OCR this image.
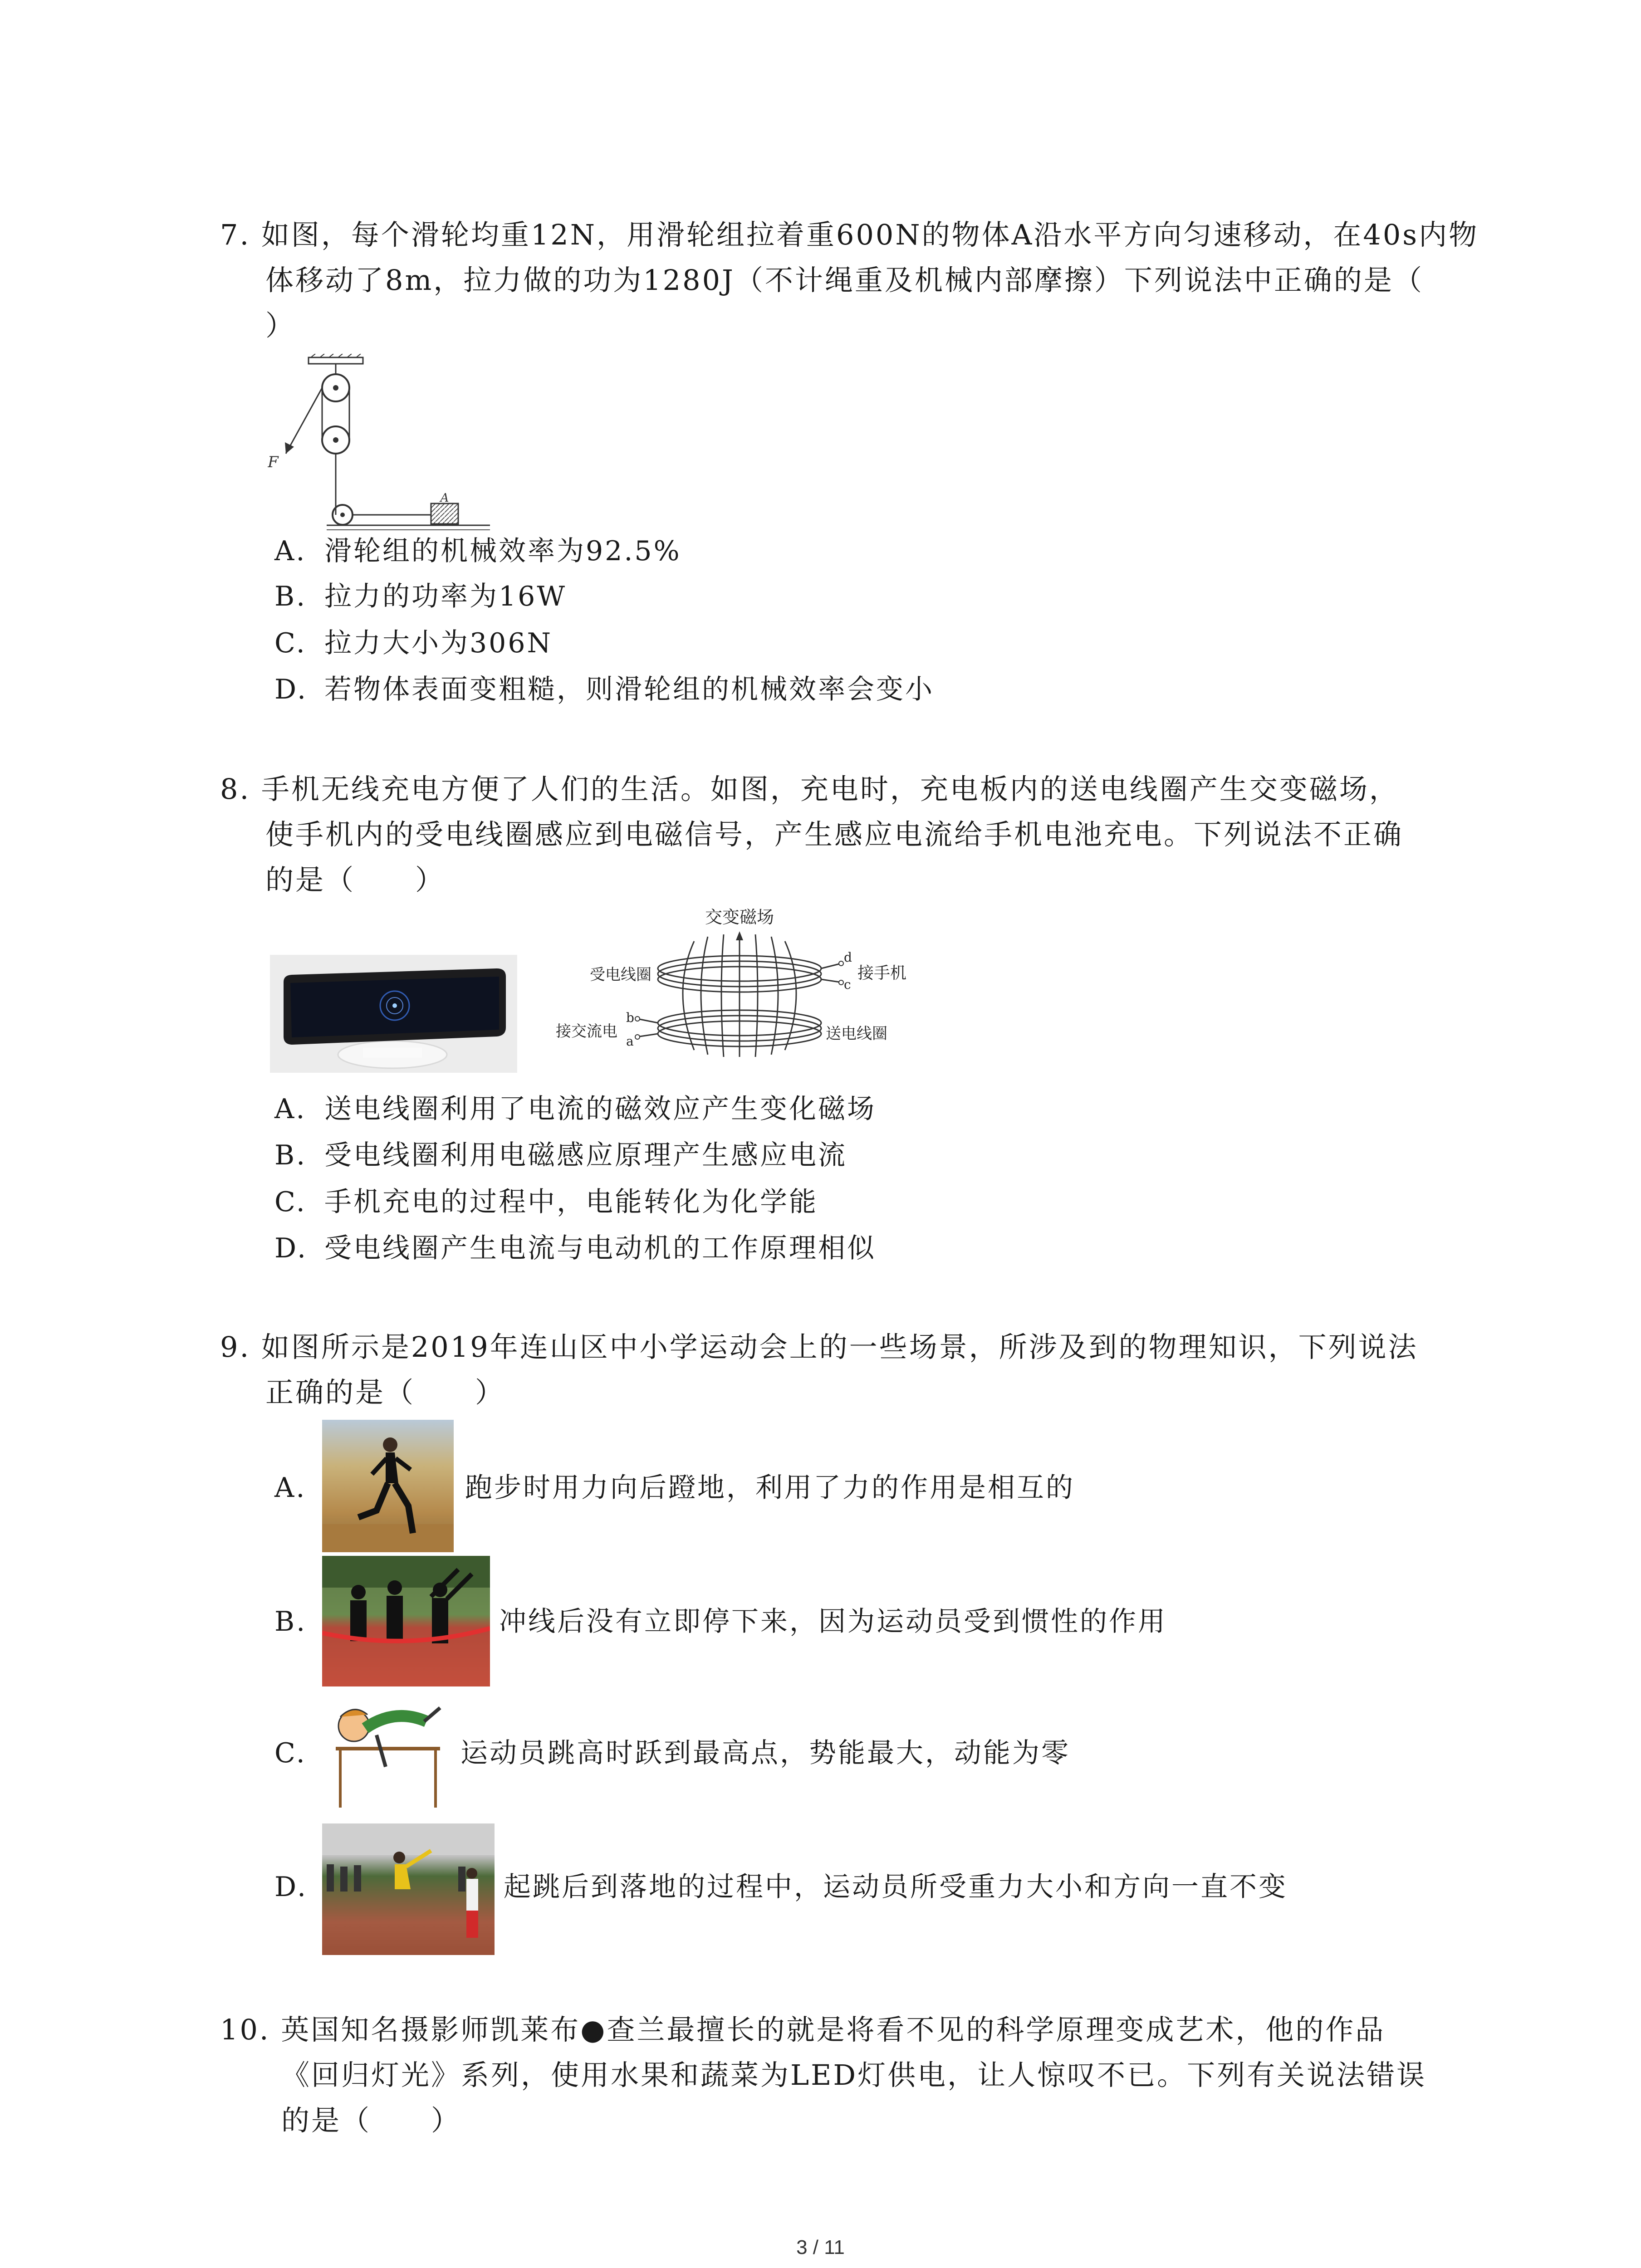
7. 如图，每个滑轮均重12N，用滑轮组拉着重600N的物体A沿水平方向匀速移动，在40s内物
体移动了8m，拉力做的功为1280J（不计绳重及机械内部摩擦）下列说法中正确的是（
）
F
A
A. 滑轮组的机械效率为92.5%
B. 拉力的功率为16W
C. 拉力大小为306N
D. 若物体表面变粗糙，则滑轮组的机械效率会变小
8. 手机无线充电方便了人们的生活。如图，充电时，充电板内的送电线圈产生交变磁场，
使手机内的受电线圈感应到电磁信号，产生感应电流给手机电池充电。下列说法不正确
的是（　　）
交变磁场
d
c
接手机
b
a
接交流电
受电线圈
送电线圈
A. 送电线圈利用了电流的磁效应产生变化磁场
B. 受电线圈利用电磁感应原理产生感应电流
C. 手机充电的过程中，电能转化为化学能
D. 受电线圈产生电流与电动机的工作原理相似
9. 如图所示是2019年连山区中小学运动会上的一些场景，所涉及到的物理知识，下列说法
正确的是（　　）
A.	跑步时用力向后蹬地，利用了力的作用是相互的
B.	冲线后没有立即停下来，因为运动员受到惯性的作用
C.	运动员跳高时跃到最高点，势能最大，动能为零
D.	起跳后到落地的过程中，运动员所受重力大小和方向一直不变
10. 英国知名摄影师凯莱布●查兰最擅长的就是将看不见的科学原理变成艺术，他的作品
《回归灯光》系列，使用水果和蔬菜为LED灯供电，让人惊叹不已。下列有关说法错误
的是（　　）
3 / 11
